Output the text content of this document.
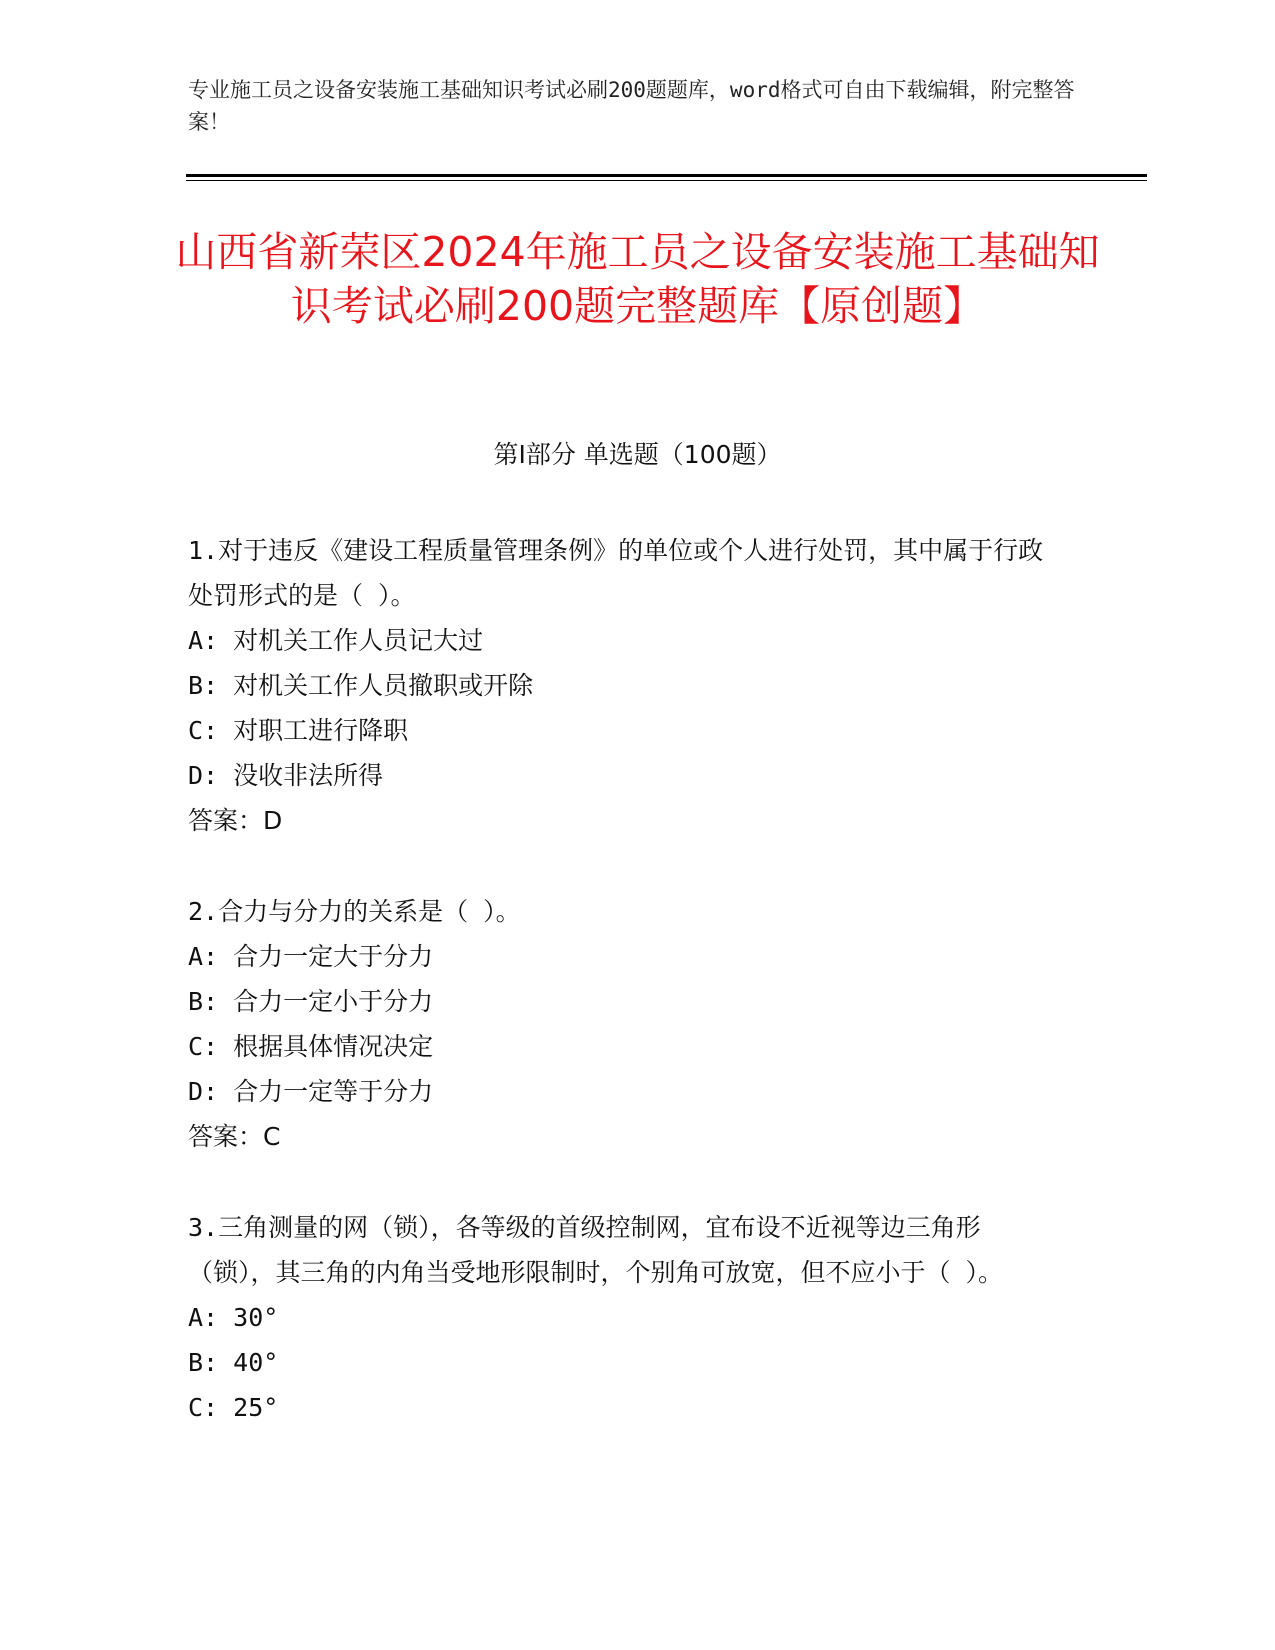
专业施工员之设备安装施工基础知识考试必刷200题题库，word格式可自由下载编辑，附完整答案！
山西省新荣区2024年施工员之设备安装施工基础知识考试必刷200题完整题库【原创题】
第I部分 单选题（100题）

1.对于违反《建设工程质量管理条例》的单位或个人进行处罚，其中属于行政处罚形式的是（ ）。

A: 对机关工作人员记大过

B: 对机关工作人员撤职或开除

C: 对职工进行降职

D: 没收非法所得

答案：D

2.合力与分力的关系是（ ）。

A: 合力一定大于分力

B: 合力一定小于分力

C: 根据具体情况决定

D: 合力一定等于分力

答案：C

3.三角测量的网（锁），各等级的首级控制网，宜布设不近视等边三角形（锁），其三角的内角当受地形限制时，个别角可放宽，但不应小于（ ）。

A: 30°

B: 40°

C: 25°
